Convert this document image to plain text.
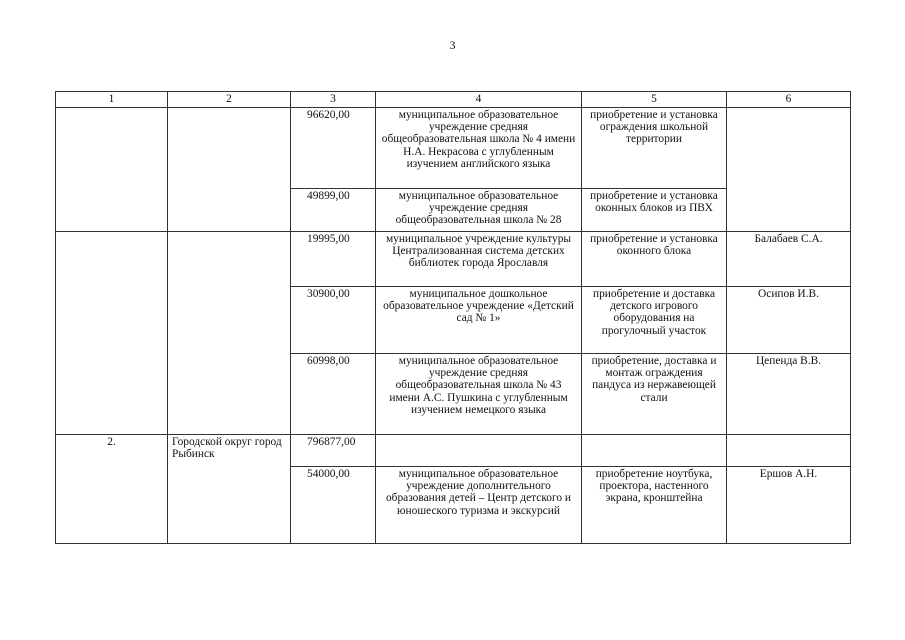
3
1	2	3	4	5	6
		96620,00	муниципальное образовательное учреждение средняя общеобразовательная школа № 4 имени Н.А. Некрасова с углубленным изучением английского языка	приобретение и установка ограждения школьной территории	
		49899,00	муниципальное образовательное учреждение средняя общеобразовательная школа № 28	приобретение и установка оконных блоков из ПВХ	
		19995,00	муниципальное учреждение культуры Централизованная система детских библиотек города Ярославля	приобретение и установка оконного блока	Балабаев С.А.
		30900,00	муниципальное дошкольное образовательное учреждение «Детский сад № 1»	приобретение и доставка детского игрового оборудования на прогулочный участок	Осипов И.В.
		60998,00	муниципальное образовательное учреждение средняя общеобразовательная школа № 43 имени А.С. Пушкина с углубленным изучением немецкого языка	приобретение, доставка и монтаж ограждения пандуса из нержавеющей стали	Цепенда В.В.
2.	Городской округ город Рыбинск	796877,00			
		54000,00	муниципальное образовательное учреждение дополнительного образования детей – Центр детского и юношеского туризма и экскурсий	приобретение ноутбука, проектора, настенного экрана, кронштейна	Ершов А.Н.
